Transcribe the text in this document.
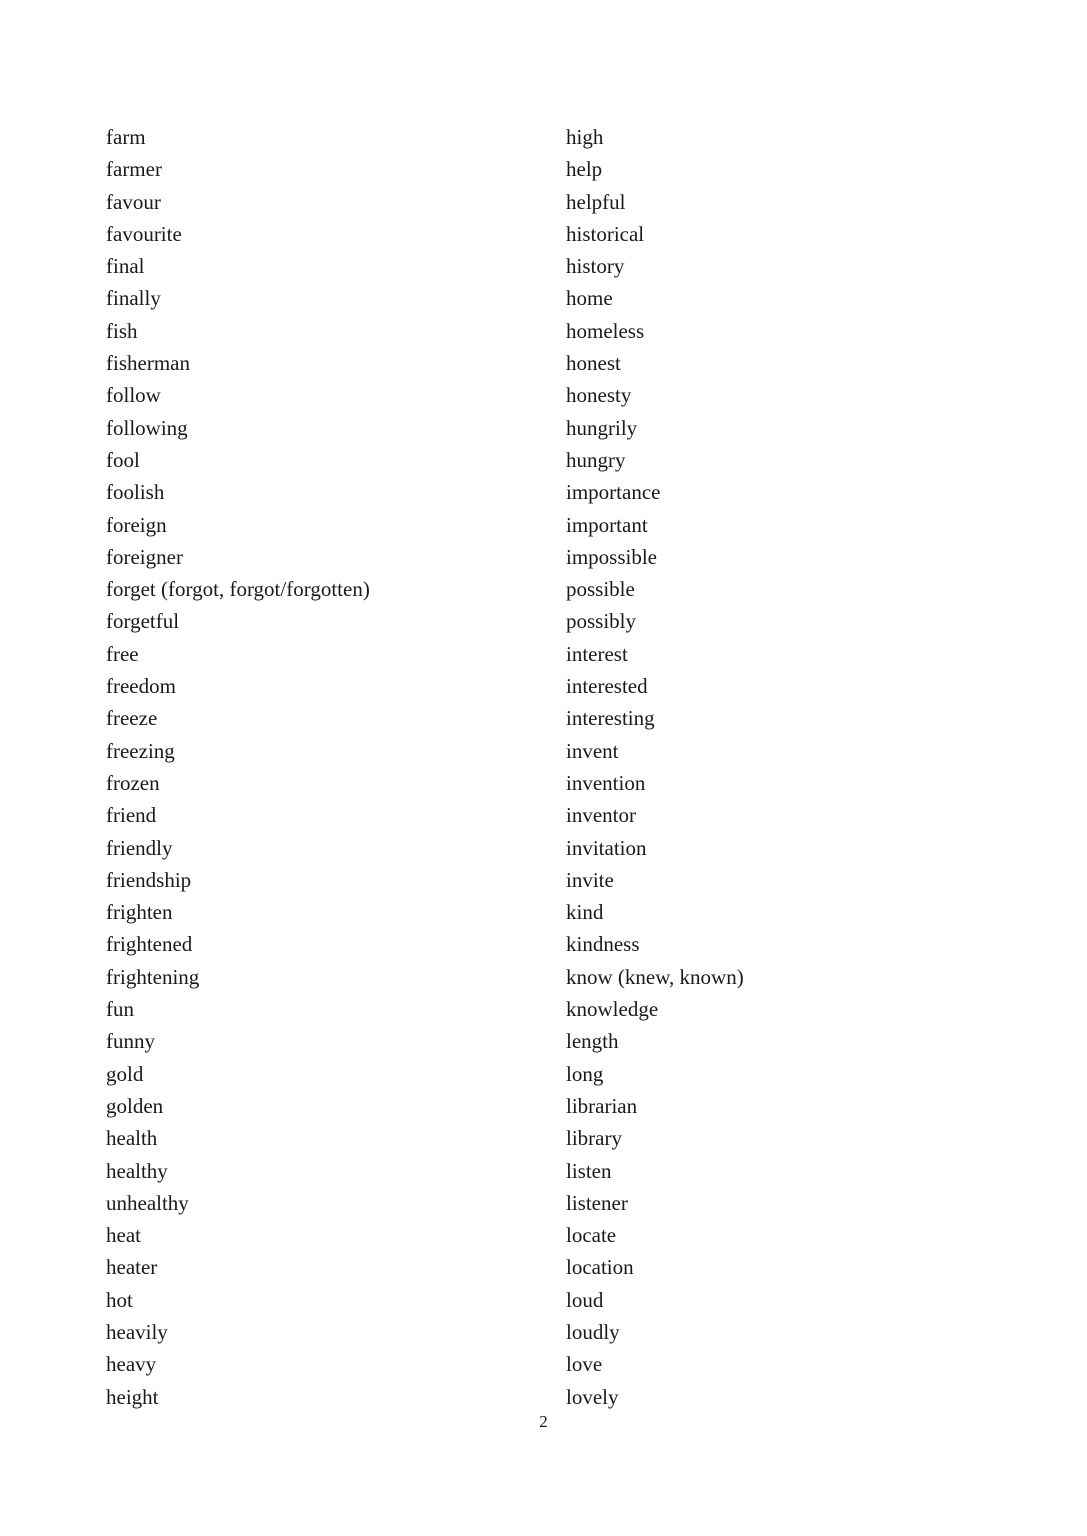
farm
farmer
favour
favourite
final
finally
fish
fisherman
follow
following
fool
foolish
foreign
foreigner
forget (forgot, forgot/forgotten)
forgetful
free
freedom
freeze
freezing
frozen
friend
friendly
friendship
frighten
frightened
frightening
fun
funny
gold
golden
health
healthy
unhealthy
heat
heater
hot
heavily
heavy
height
high
help
helpful
historical
history
home
homeless
honest
honesty
hungrily
hungry
importance
important
impossible
possible
possibly
interest
interested
interesting
invent
invention
inventor
invitation
invite
kind
kindness
know (knew, known)
knowledge
length
long
librarian
library
listen
listener
locate
location
loud
loudly
love
lovely
2
